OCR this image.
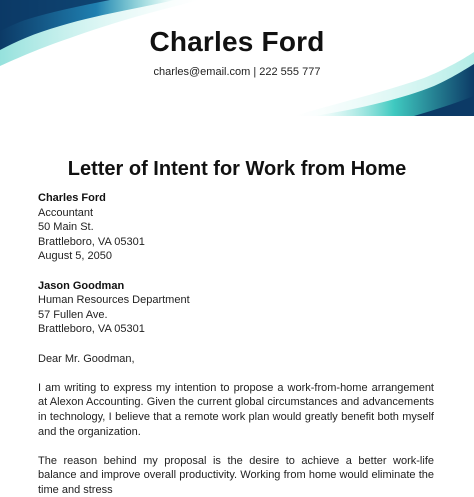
Charles Ford
charles@email.com | 222 555 777
Letter of Intent for Work from Home

Charles Ford

Accountant

50 Main St.

Brattleboro, VA 05301

August 5, 2050

Jason Goodman

Human Resources Department

57 Fullen Ave.

Brattleboro, VA 05301

Dear Mr. Goodman,

I am writing to express my intention to propose a work-from-home arrangement at Alexon Accounting. Given the current global circumstances and advancements in technology, I believe that a remote work plan would greatly benefit both myself and the organization.

The reason behind my proposal is the desire to achieve a better work-life balance and improve overall productivity. Working from home would eliminate the time and stress
